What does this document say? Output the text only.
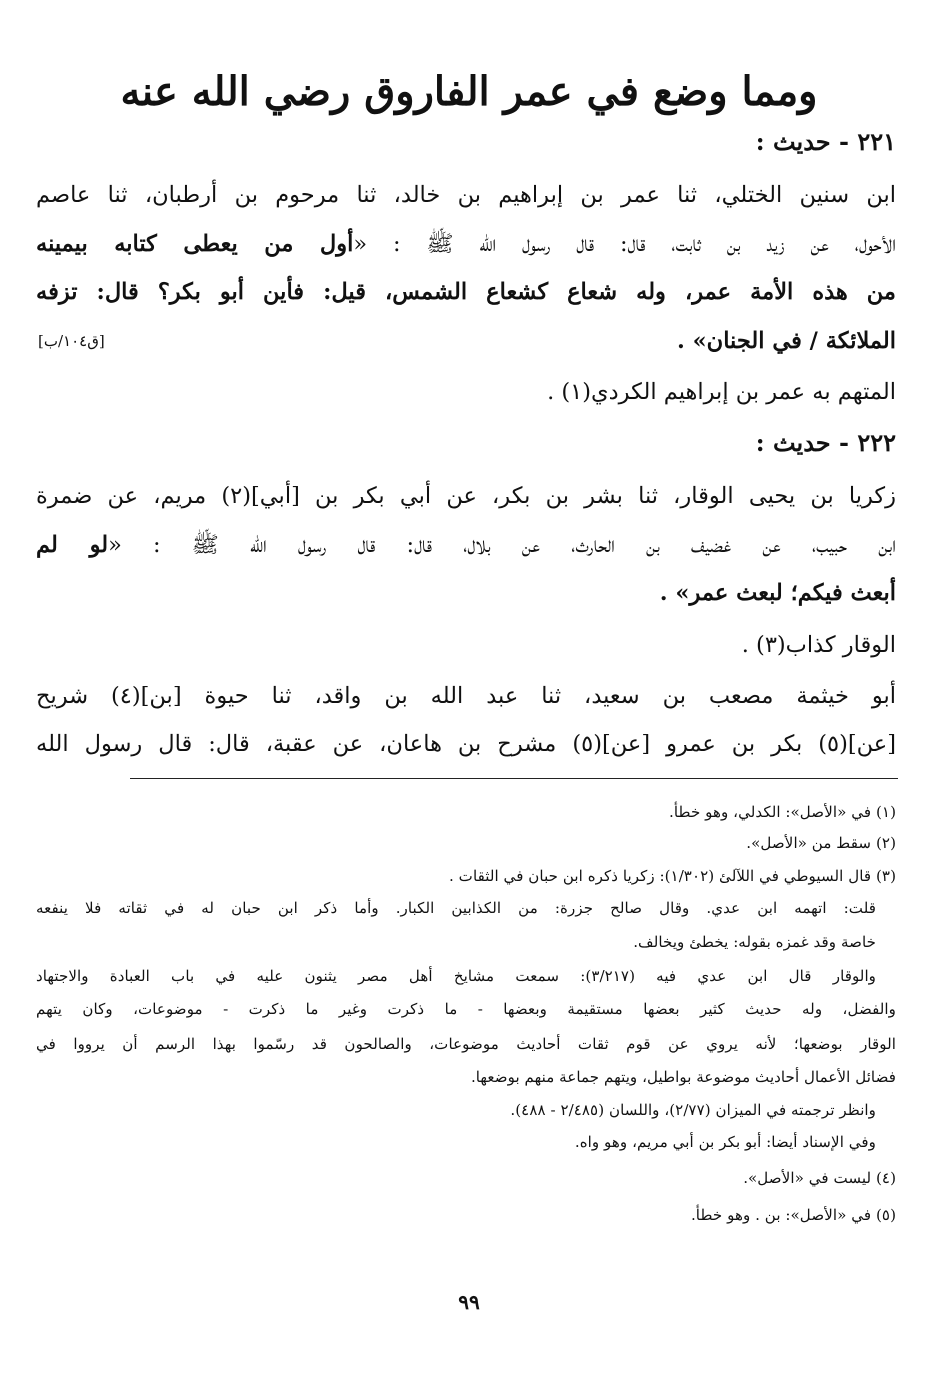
ومما وضع في عمر الفاروق رضي الله عنه
٢٢١ - حديث :
ابن سنين الختلي، ثنا عمر بن إبراهيم بن خالد، ثنا مرحوم بن أرطبان، ثنا عاصم
الأحول، عن زيد بن ثابت، قال: قال رسول الله ﷺ : «أول من يعطى كتابه بيمينه
من هذه الأمة عمر، وله شعاع كشعاع الشمس، قيل: فأين أبو بكر؟ قال: تزفه
الملائكة / في الجنان» .
[ق١٠٤/ب]
المتهم به عمر بن إبراهيم الكردي(١) .
٢٢٢ - حديث :
زكريا بن يحيى الوقار، ثنا بشر بن بكر، عن أبي بكر بن [أبي](٢) مريم، عن ضمرة
ابن حبيب، عن غضيف بن الحارث، عن بلال، قال: قال رسول الله ﷺ : «لو لم
أبعث فيكم؛ لبعث عمر» .
الوقار كذاب(٣) .
أبو خيثمة مصعب بن سعيد، ثنا عبد الله بن واقد، ثنا حيوة [بن](٤) شريح
[عن](٥) بكر بن عمرو [عن](٥) مشرح بن هاعان، عن عقبة، قال: قال رسول الله
(١) في «الأصل»: الكدلي، وهو خطأ.
(٢) سقط من «الأصل».
(٣) قال السيوطي في اللآلئ (١/٣٠٢): زكريا ذكره ابن حبان في الثقات .
قلت: اتهمه ابن عدي. وقال صالح جزرة: من الكذابين الكبار. وأما ذكر ابن حبان له في ثقاته فلا ينفعه
خاصة وقد غمزه بقوله: يخطئ ويخالف.
والوقار قال ابن عدي فيه (٣/٢١٧): سمعت مشايخ أهل مصر يثنون عليه في باب العبادة والاجتهاد
والفضل، وله حديث كثير بعضها مستقيمة وبعضها - ما ذكرت وغير ما ذكرت - موضوعات، وكان يتهم
الوقار بوضعها؛ لأنه يروي عن قوم ثقات أحاديث موضوعات، والصالحون قد رسّموا بهذا الرسم أن يرووا في
فضائل الأعمال أحاديث موضوعة بواطيل، ويتهم جماعة منهم بوضعها.
وانظر ترجمته في الميزان (٢/٧٧)، واللسان (٢/٤٨٥ - ٤٨٨).
وفي الإسناد أيضا: أبو بكر بن أبي مريم، وهو واه.
(٤) ليست في «الأصل».
(٥) في «الأصل»: بن . وهو خطأ.
٩٩
